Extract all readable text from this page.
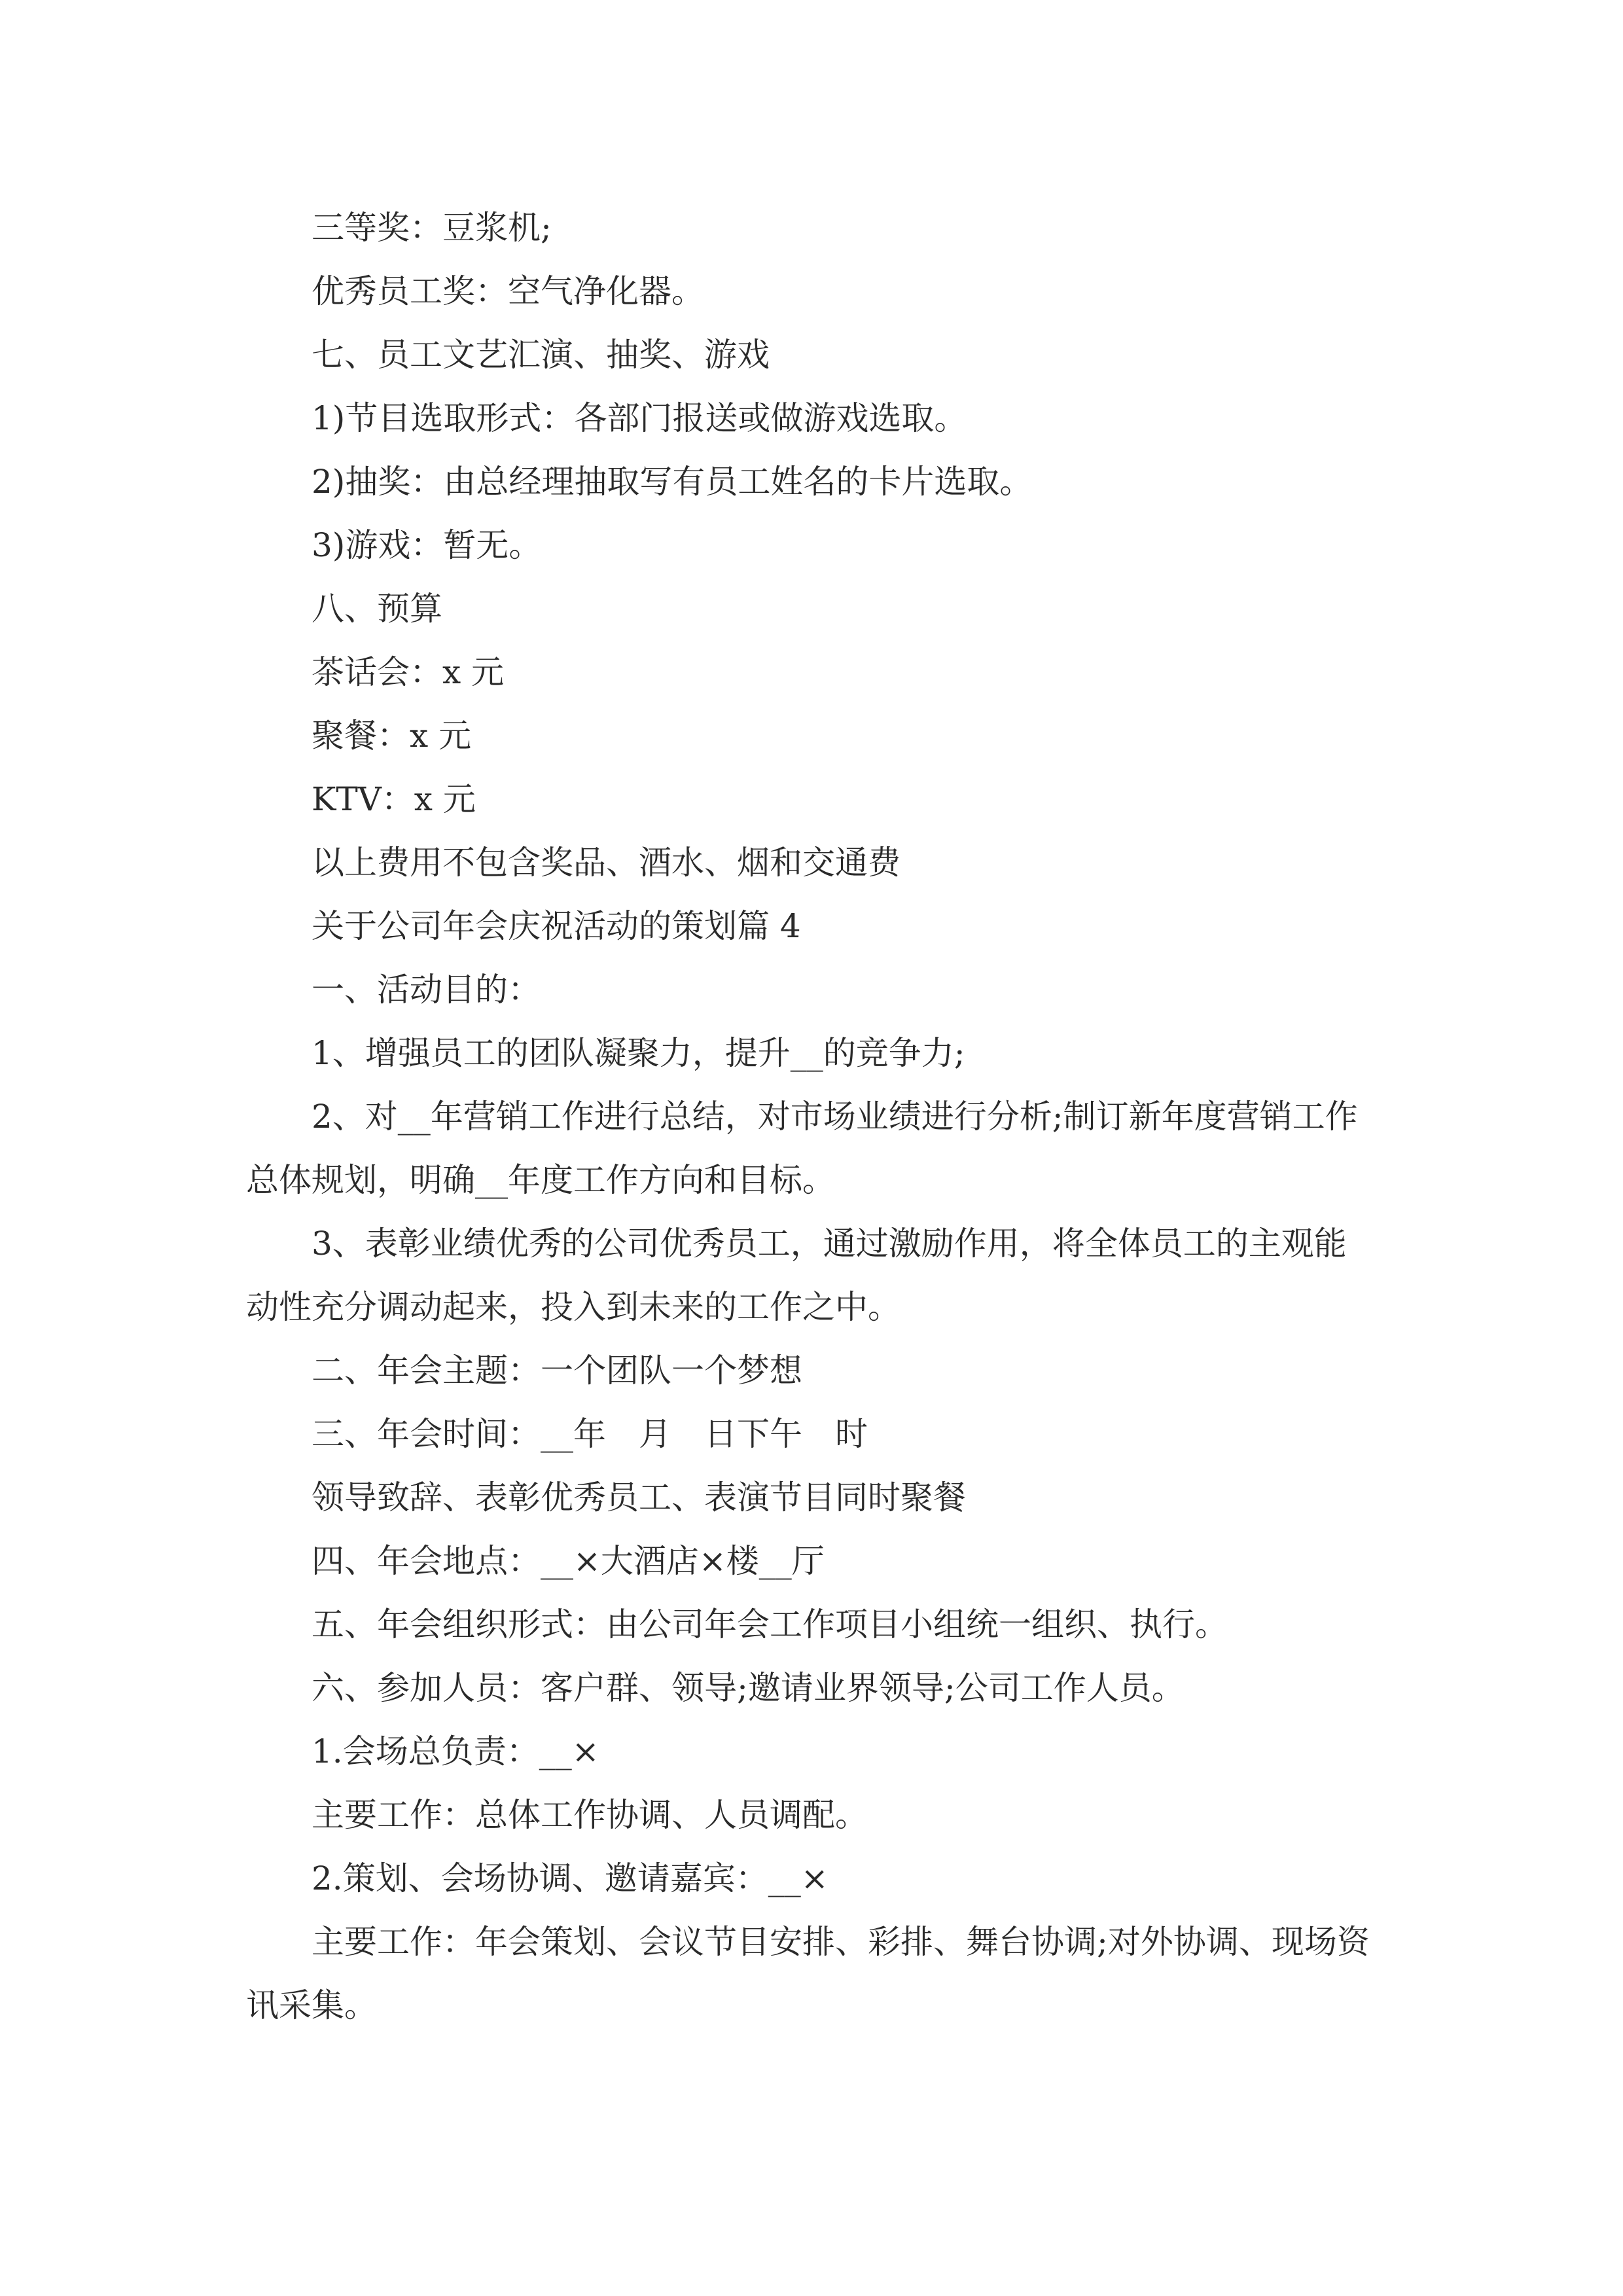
三等奖：豆浆机;

优秀员工奖：空气净化器。

七、员工文艺汇演、抽奖、游戏

1)节目选取形式：各部门报送或做游戏选取。

2)抽奖：由总经理抽取写有员工姓名的卡片选取。

3)游戏：暂无。

八、预算

茶话会：x 元

聚餐：x 元

KTV：x 元

以上费用不包含奖品、酒水、烟和交通费

关于公司年会庆祝活动的策划篇 4

一、活动目的：

1、增强员工的团队凝聚力，提升__的竞争力;

2、对__年营销工作进行总结，对市场业绩进行分析;制订新年度营销工作总体规划，明确__年度工作方向和目标。

3、表彰业绩优秀的公司优秀员工，通过激励作用，将全体员工的主观能动性充分调动起来，投入到未来的工作之中。

二、年会主题：一个团队一个梦想

三、年会时间：__年　月　日下午　时

领导致辞、表彰优秀员工、表演节目同时聚餐

四、年会地点：__×大酒店×楼__厅

五、年会组织形式：由公司年会工作项目小组统一组织、执行。

六、参加人员：客户群、领导;邀请业界领导;公司工作人员。

1.会场总负责：__×

主要工作：总体工作协调、人员调配。

2.策划、会场协调、邀请嘉宾：__×

主要工作：年会策划、会议节目安排、彩排、舞台协调;对外协调、现场资讯采集。
